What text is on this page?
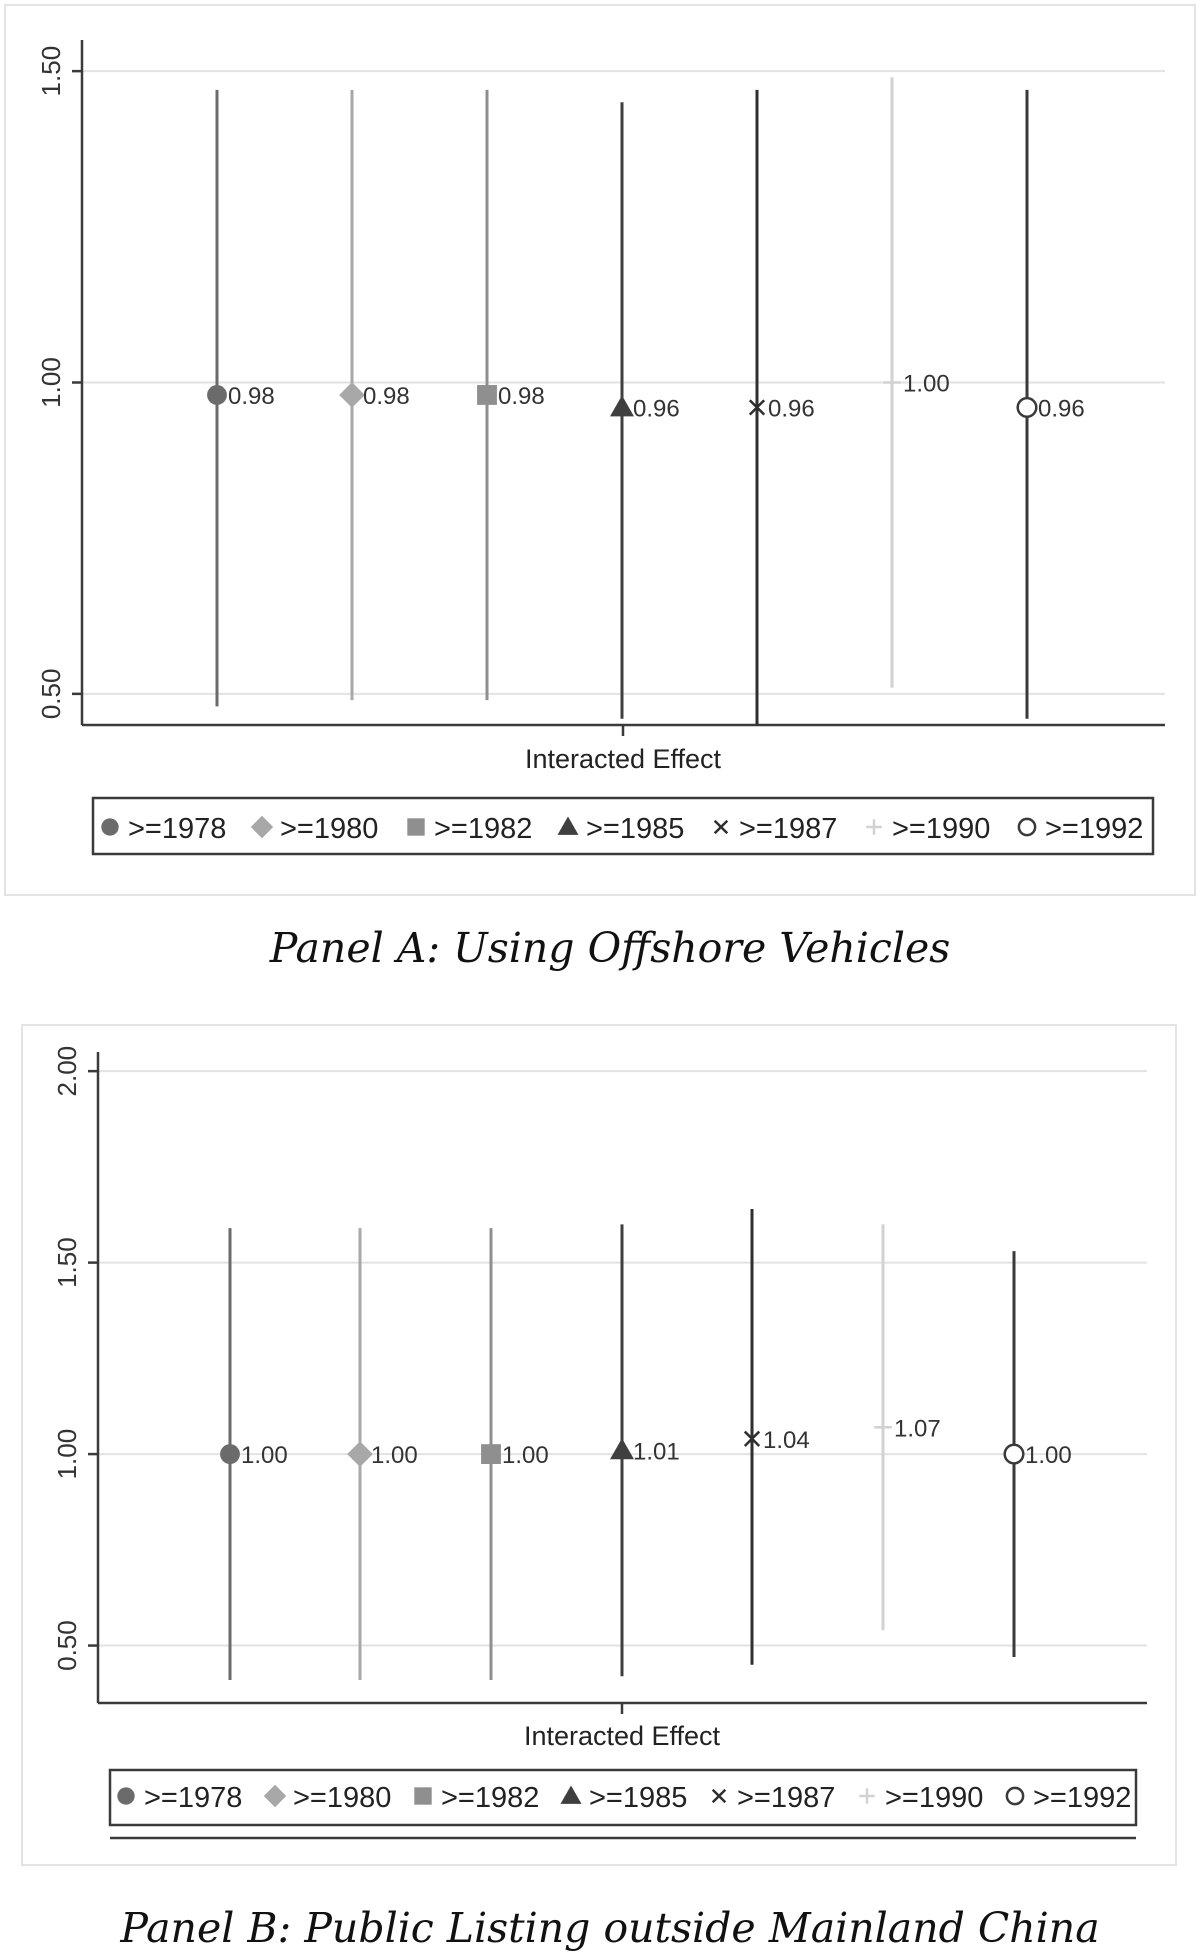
0.50
1.00
1.50
0.98	0.98	0.98	0.96	0.96
1.00
0.96
Interacted Effect
>=1978 >=1980 >=1982 >=1985 >=1987 >=1990 >=1992
Panel A: Using Offshore Vehicles
0.50
1.00
1.50
2.00
1.00	1.00	1.00	1.01	1.04	1.07
1.00
Interacted Effect
>=1978 >=1980 >=1982 >=1985 >=1987 >=1990 >=1992
Panel B: Public Listing outside Mainland China
